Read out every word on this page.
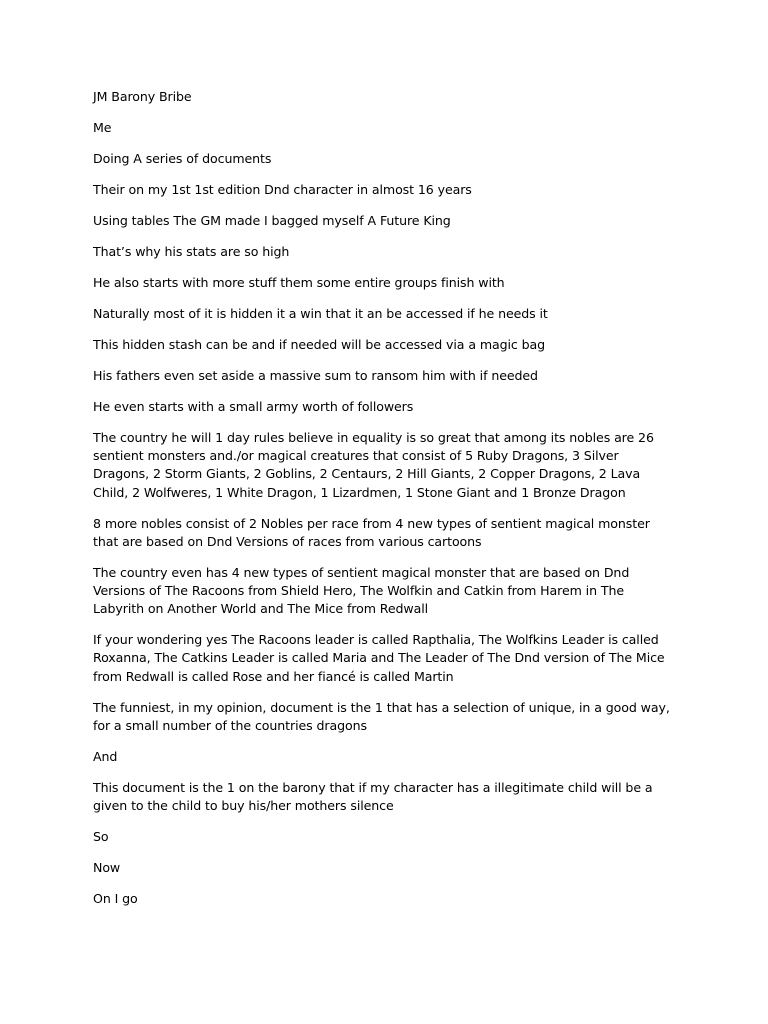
JM Barony Bribe

Me

Doing A series of documents

Their on my 1st 1st edition Dnd character in almost 16 years

Using tables The GM made I bagged myself A Future King

That’s why his stats are so high

He also starts with more stuff them some entire groups finish with

Naturally most of it is hidden it a win that it an be accessed if he needs it

This hidden stash can be and if needed will be accessed via a magic bag

His fathers even set aside a massive sum to ransom him with if needed

He even starts with a small army worth of followers

The country he will 1 day rules believe in equality is so great that among its nobles are 26 sentient monsters and./or magical creatures that consist of 5 Ruby Dragons, 3 Silver Dragons, 2 Storm Giants, 2 Goblins, 2 Centaurs, 2 Hill Giants, 2 Copper Dragons, 2 Lava Child, 2 Wolfweres, 1 White Dragon, 1 Lizardmen, 1 Stone Giant and 1 Bronze Dragon

8 more nobles consist of 2 Nobles per race from 4 new types of sentient magical monster that are based on Dnd Versions of races from various cartoons

The country even has 4 new types of sentient magical monster that are based on Dnd Versions of The Racoons from Shield Hero, The Wolfkin and Catkin from Harem in The Labyrith on Another World and The Mice from Redwall

If your wondering yes The Racoons leader is called Rapthalia, The Wolfkins Leader is called Roxanna, The Catkins Leader is called Maria and The Leader of The Dnd version of The Mice from Redwall is called Rose and her fiancé is called Martin

The funniest, in my opinion, document is the 1 that has a selection of unique, in a good way, for a small number of the countries dragons

And

This document is the 1 on the barony that if my character has a illegitimate child will be a given to the child to buy his/her mothers silence

So

Now

On I go
